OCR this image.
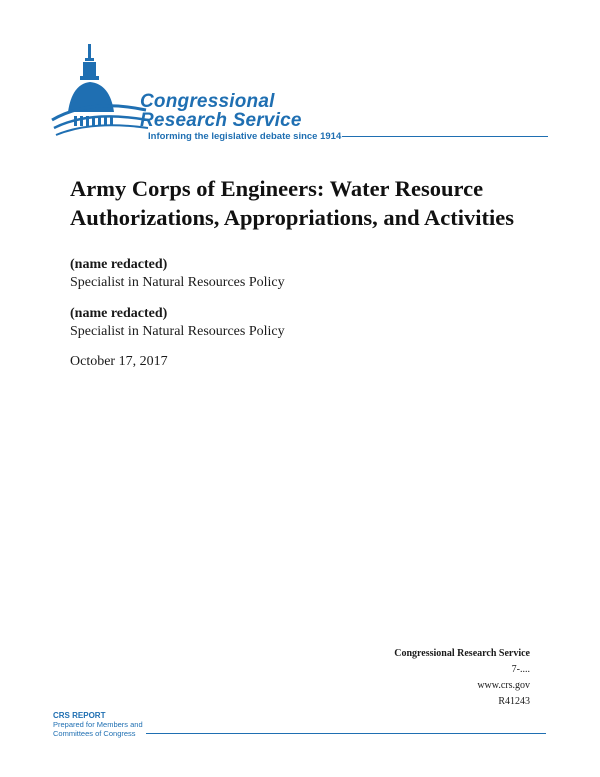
Congressional
Research Service
Informing the legislative debate since 1914
Army Corps of Engineers: Water Resource Authorizations, Appropriations, and Activities
(name redacted)
Specialist in Natural Resources Policy
(name redacted)
Specialist in Natural Resources Policy
October 17, 2017
Congressional Research Service
7-....
www.crs.gov
R41243
CRS REPORT
Prepared for Members and
Committees of Congress
